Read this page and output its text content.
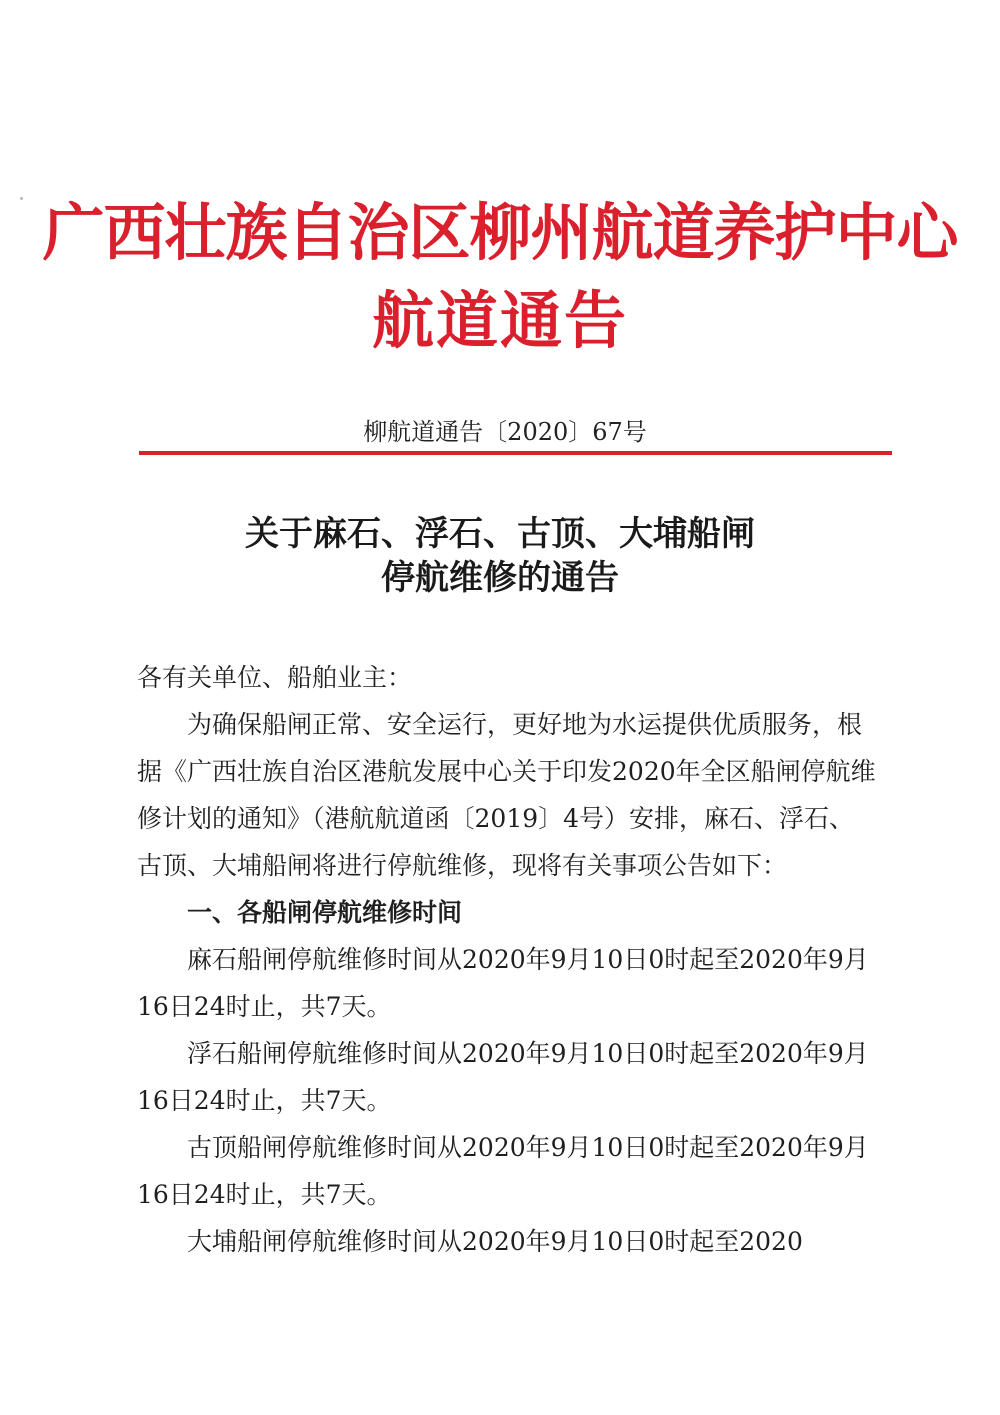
广西壮族自治区柳州航道养护中心
航道通告
柳航道通告〔2020〕67号
关于麻石、浮石、古顶、大埔船闸
停航维修的通告

各有关单位、船舶业主：

为确保船闸正常、安全运行，更好地为水运提供优质服务，根据《广西壮族自治区港航发展中心关于印发2020年全区船闸停航维修计划的通知》（港航航道函〔2019〕4号）安排，麻石、浮石、古顶、大埔船闸将进行停航维修，现将有关事项公告如下：

一、各船闸停航维修时间

麻石船闸停航维修时间从2020年9月10日0时起至2020年9月16日24时止，共7天。

浮石船闸停航维修时间从2020年9月10日0时起至2020年9月16日24时止，共7天。

古顶船闸停航维修时间从2020年9月10日0时起至2020年9月16日24时止，共7天。

大埔船闸停航维修时间从2020年9月10日0时起至2020
